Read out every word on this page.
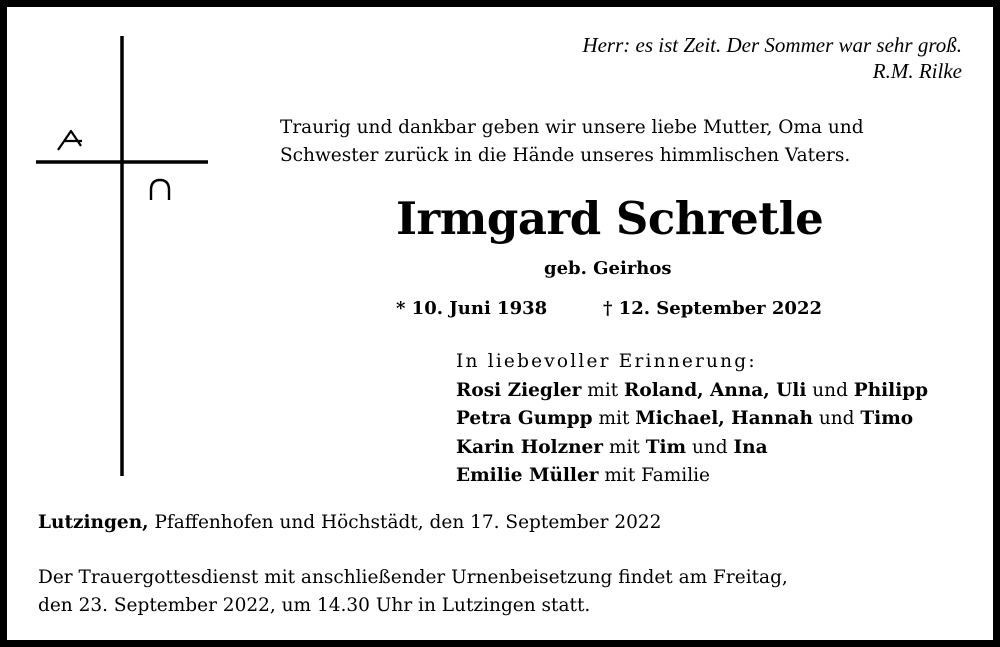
Herr: es ist Zeit. Der Sommer war sehr groß.
R.M. Rilke
Traurig und dankbar geben wir unsere liebe Mutter, Oma und
Schwester zurück in die Hände unseres himmlischen Vaters.
Irmgard Schretle
geb. Geirhos
* 10. Juni 1938	† 12. September 2022
In liebevoller Erinnerung:
Rosi Ziegler mit Roland, Anna, Uli und Philipp
Petra Gumpp mit Michael, Hannah und Timo
Karin Holzner mit Tim und Ina
Emilie Müller mit Familie
Lutzingen, Pfaffenhofen und Höchstädt, den 17. September 2022
Der Trauergottesdienst mit anschließender Urnenbeisetzung findet am Freitag,
den 23. September 2022, um 14.30 Uhr in Lutzingen statt.
